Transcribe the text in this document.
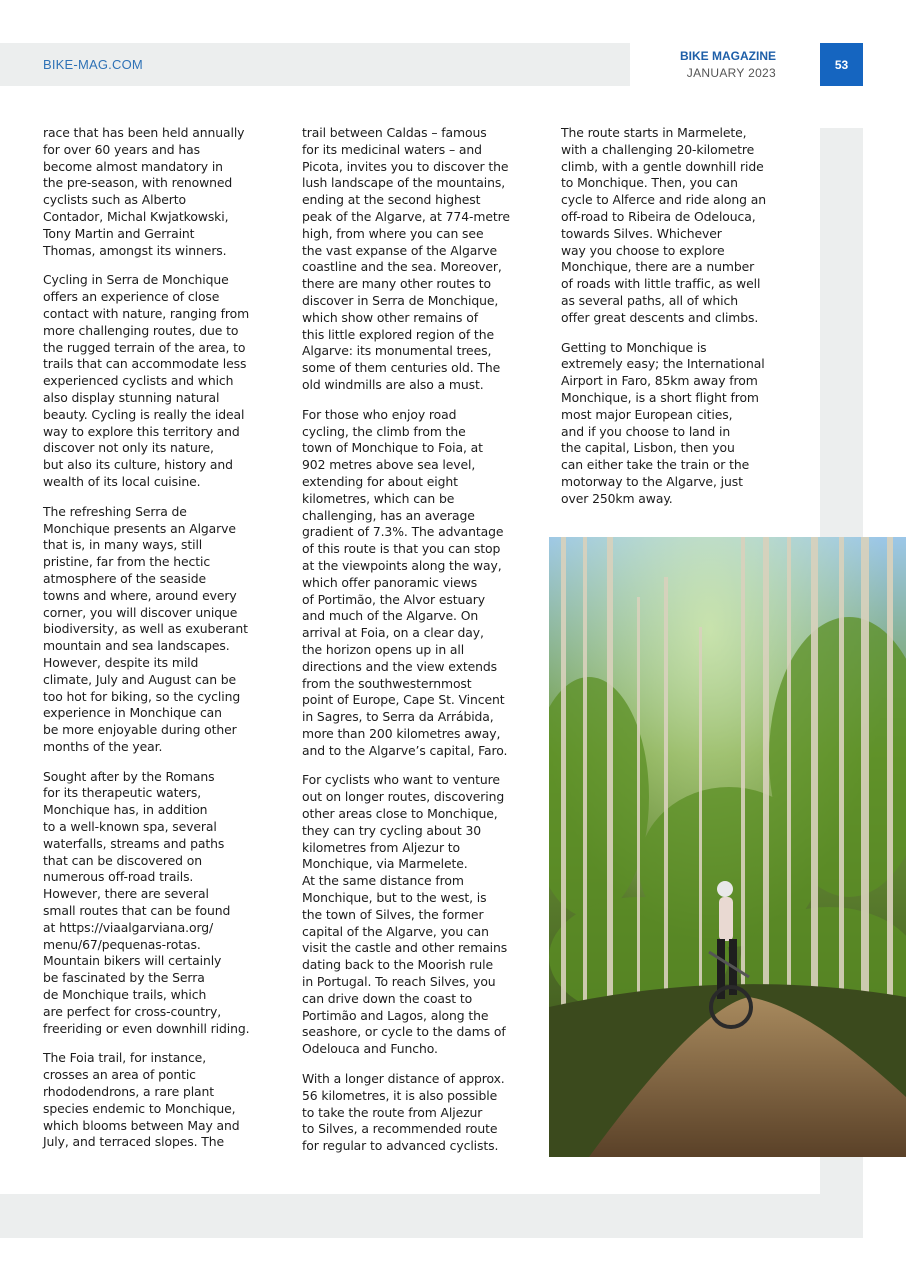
BIKE-MAG.COM
BIKE MAGAZINE
JANUARY 2023
53

race that has been held annually
for over 60 years and has
become almost mandatory in
the pre-season, with renowned
cyclists such as Alberto
Contador, Michal Kwjatkowski,
Tony Martin and Gerraint
Thomas, amongst its winners.

Cycling in Serra de Monchique
offers an experience of close
contact with nature, ranging from
more challenging routes, due to
the rugged terrain of the area, to
trails that can accommodate less
experienced cyclists and which
also display stunning natural
beauty. Cycling is really the ideal
way to explore this territory and
discover not only its nature,
but also its culture, history and
wealth of its local cuisine.

The refreshing Serra de
Monchique presents an Algarve
that is, in many ways, still
pristine, far from the hectic
atmosphere of the seaside
towns and where, around every
corner, you will discover unique
biodiversity, as well as exuberant
mountain and sea landscapes.
However, despite its mild
climate, July and August can be
too hot for biking, so the cycling
experience in Monchique can
be more enjoyable during other
months of the year.

Sought after by the Romans
for its therapeutic waters,
Monchique has, in addition
to a well-known spa, several
waterfalls, streams and paths
that can be discovered on
numerous off-road trails.
However, there are several
small routes that can be found
at https://viaalgarviana.org/
menu/67/pequenas-rotas.
Mountain bikers will certainly
be fascinated by the Serra
de Monchique trails, which
are perfect for cross-country,
freeriding or even downhill riding.

The Foia trail, for instance,
crosses an area of pontic
rhododendrons, a rare plant
species endemic to Monchique,
which blooms between May and
July, and terraced slopes. The

trail between Caldas – famous
for its medicinal waters – and
Picota, invites you to discover the
lush landscape of the mountains,
ending at the second highest
peak of the Algarve, at 774-metre
high, from where you can see
the vast expanse of the Algarve
coastline and the sea. Moreover,
there are many other routes to
discover in Serra de Monchique,
which show other remains of
this little explored region of the
Algarve: its monumental trees,
some of them centuries old. The
old windmills are also a must.

For those who enjoy road
cycling, the climb from the
town of Monchique to Foia, at
902 metres above sea level,
extending for about eight
kilometres, which can be
challenging, has an average
gradient of 7.3%. The advantage
of this route is that you can stop
at the viewpoints along the way,
which offer panoramic views
of Portimão, the Alvor estuary
and much of the Algarve. On
arrival at Foia, on a clear day,
the horizon opens up in all
directions and the view extends
from the southwesternmost
point of Europe, Cape St. Vincent
in Sagres, to Serra da Arrábida,
more than 200 kilometres away,
and to the Algarve’s capital, Faro.

For cyclists who want to venture
out on longer routes, discovering
other areas close to Monchique,
they can try cycling about 30
kilometres from Aljezur to
Monchique, via Marmelete.
At the same distance from
Monchique, but to the west, is
the town of Silves, the former
capital of the Algarve, you can
visit the castle and other remains
dating back to the Moorish rule
in Portugal. To reach Silves, you
can drive down the coast to
Portimão and Lagos, along the
seashore, or cycle to the dams of
Odelouca and Funcho.

With a longer distance of approx.
56 kilometres, it is also possible
to take the route from Aljezur
to Silves, a recommended route
for regular to advanced cyclists.

The route starts in Marmelete,
with a challenging 20-kilometre
climb, with a gentle downhill ride
to Monchique. Then, you can
cycle to Alferce and ride along an
off-road to Ribeira de Odelouca,
towards Silves. Whichever
way you choose to explore
Monchique, there are a number
of roads with little traffic, as well
as several paths, all of which
offer great descents and climbs.

Getting to Monchique is
extremely easy; the International
Airport in Faro, 85km away from
Monchique, is a short flight from
most major European cities,
and if you choose to land in
the capital, Lisbon, then you
can either take the train or the
motorway to the Algarve, just
over 250km away.
